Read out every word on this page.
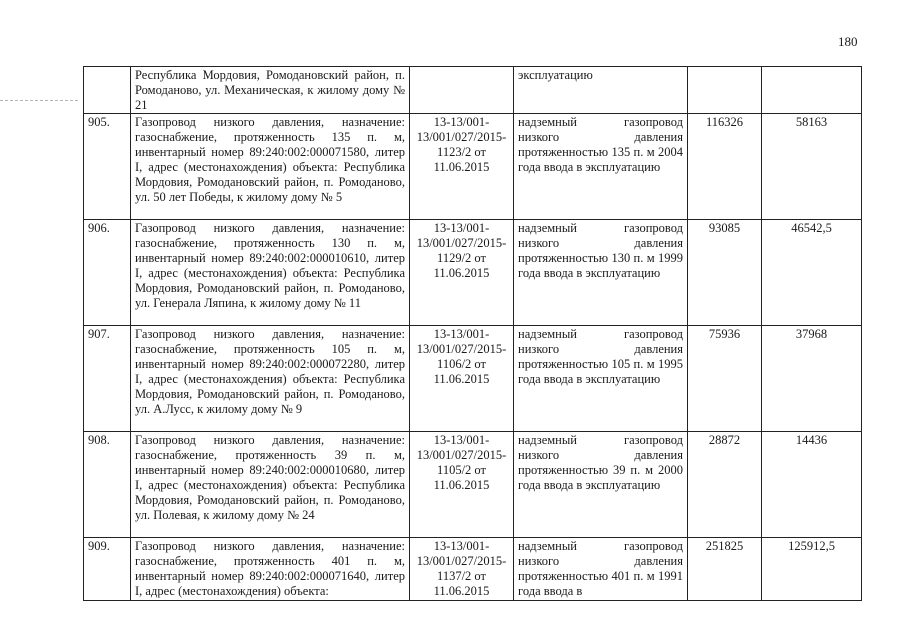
180
	Республика Мордовия, Ромодановский район, п. Ромоданово, ул. Механическая, к жилому дому № 21		эксплуатацию		
905.	Газопровод низкого давления, назначение: газоснабжение, протяженность 135 п. м, инвентарный номер 89:240:002:000071580, литер I, адрес (местонахождения) объекта: Республика Мордовия, Ромодановский район, п. Ромоданово, ул. 50 лет Победы, к жилому дому № 5	13-13/001-13/001/027/2015-1123/2 от 11.06.2015	надземный газопровод низкого давления протяженностью 135 п. м 2004 года ввода в эксплуатацию	116326	58163
906.	Газопровод низкого давления, назначение: газоснабжение, протяженность 130 п. м, инвентарный номер 89:240:002:000010610, литер I, адрес (местонахождения) объекта: Республика Мордовия, Ромодановский район, п. Ромоданово, ул. Генерала Ляпина, к жилому дому № 11	13-13/001-13/001/027/2015-1129/2 от 11.06.2015	надземный газопровод низкого давления протяженностью 130 п. м 1999 года ввода в эксплуатацию	93085	46542,5
907.	Газопровод низкого давления, назначение: газоснабжение, протяженность 105 п. м, инвентарный номер 89:240:002:000072280, литер I, адрес (местонахождения) объекта: Республика Мордовия, Ромодановский район, п. Ромоданово, ул. А.Лусс, к жилому дому № 9	13-13/001-13/001/027/2015-1106/2 от 11.06.2015	надземный газопровод низкого давления протяженностью 105 п. м 1995 года ввода в эксплуатацию	75936	37968
908.	Газопровод низкого давления, назначение: газоснабжение, протяженность 39 п. м, инвентарный номер 89:240:002:000010680, литер I, адрес (местонахождения) объекта: Республика Мордовия, Ромодановский район, п. Ромоданово, ул. Полевая, к жилому дому № 24	13-13/001-13/001/027/2015-1105/2 от 11.06.2015	надземный газопровод низкого давления протяженностью 39 п. м 2000 года ввода в эксплуатацию	28872	14436
909.	Газопровод низкого давления, назначение: газоснабжение, протяженность 401 п. м, инвентарный номер 89:240:002:000071640, литер I, адрес (местонахождения) объекта:	13-13/001-13/001/027/2015-1137/2 от 11.06.2015	надземный газопровод низкого давления протяженностью 401 п. м 1991 года ввода в	251825	125912,5
